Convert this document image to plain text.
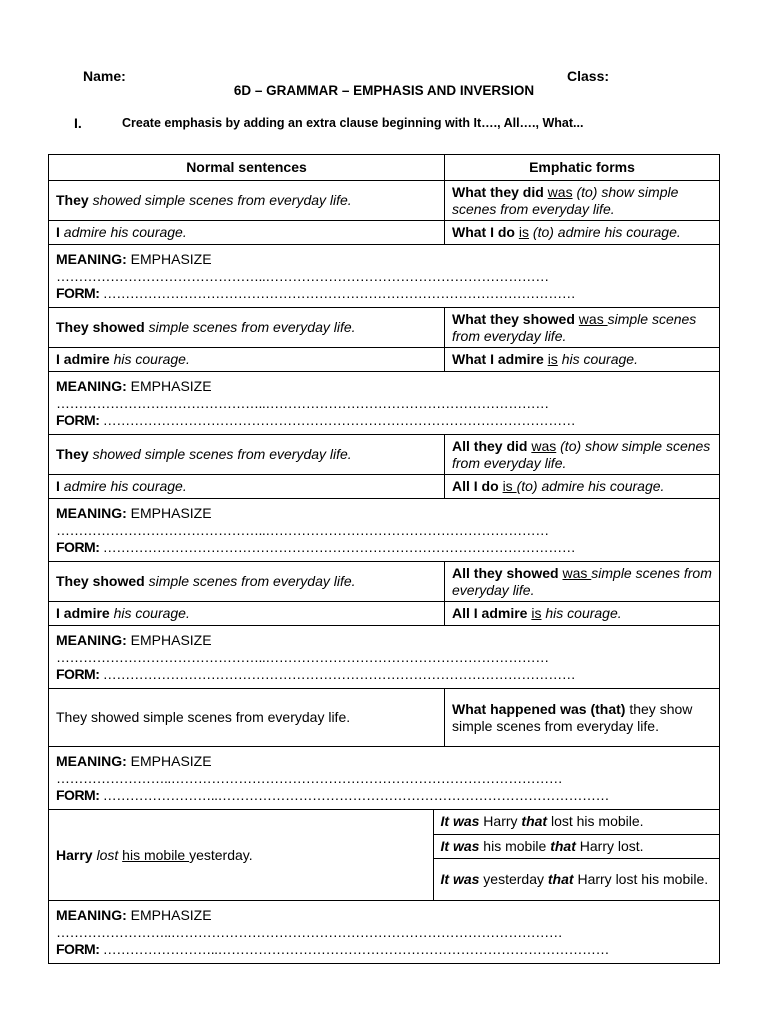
Name:	Class:
6D – GRAMMAR – EMPHASIS AND INVERSION
I.	Create emphasis by adding an extra clause beginning with It…., All…., What...
Normal sentences	Emphatic forms
They showed simple scenes from everyday life.	What they did was (to) show simple scenes from everyday life.
I admire his courage.	What I do is (to) admire his courage.

MEANING: EMPHASIZE
………………………………………..………………………………………………………
FORM: ……………………………………………………………………………………………

They showed simple scenes from everyday life.	What they showed was simple scenes from everyday life.
I admire his courage.	What I admire is his courage.

MEANING: EMPHASIZE
………………………………………..………………………………………………………
FORM: ……………………………………………………………………………………………

They showed simple scenes from everyday life.	All they did was (to) show simple scenes from everyday life.
I admire his courage.	All I do is (to) admire his courage.

MEANING: EMPHASIZE
………………………………………..………………………………………………………
FORM: ……………………………………………………………………………………………

They showed simple scenes from everyday life.	All they showed was simple scenes from everyday life.
I admire his courage.	All I admire is his courage.

MEANING: EMPHASIZE
………………………………………..………………………………………………………
FORM: ……………………………………………………………………………………………

They showed simple scenes from everyday life.	What happened was (that) they show simple scenes from everyday life.

MEANING: EMPHASIZE
……………………..……………………………………………………………………………
FORM: ……………………..……………………………………………………………………………

Harry lost his mobile yesterday.	It was Harry that lost his mobile.
It was his mobile that Harry lost.
It was yesterday that Harry lost his mobile.

MEANING: EMPHASIZE
……………………..……………………………………………………………………………
FORM: ……………………..……………………………………………………………………………
